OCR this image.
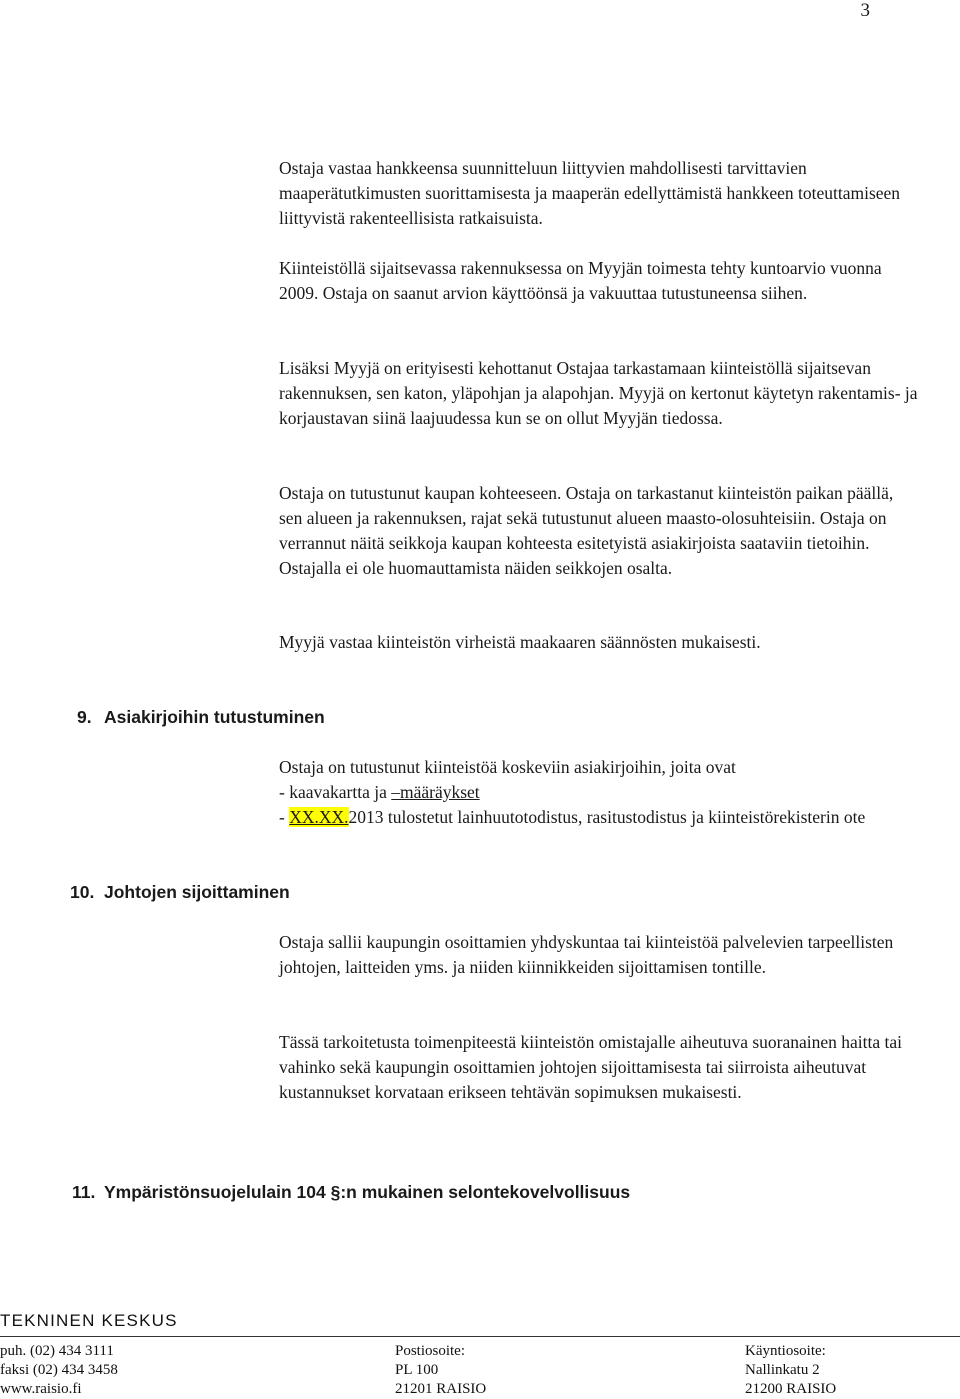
3

Ostaja vastaa hankkeensa suunnitteluun liittyvien mahdollisesti tarvittavien maaperätutkimusten suorittamisesta ja maaperän edellyttämistä hankkeen toteuttamiseen liittyvistä rakenteellisista ratkaisuista.

Kiinteistöllä sijaitsevassa rakennuksessa on Myyjän toimesta tehty kuntoarvio vuonna 2009. Ostaja on saanut arvion käyttöönsä ja vakuuttaa tutustuneensa siihen.

Lisäksi Myyjä on erityisesti kehottanut Ostajaa tarkastamaan kiinteistöllä sijaitsevan rakennuksen, sen katon, yläpohjan ja alapohjan. Myyjä on kertonut käytetyn rakentamis- ja korjaustavan siinä laajuudessa kun se on ollut Myyjän tiedossa.

Ostaja on tutustunut kaupan kohteeseen. Ostaja on tarkastanut kiinteistön paikan päällä, sen alueen ja rakennuksen, rajat sekä tutustunut alueen maasto-olosuhteisiin. Ostaja on verrannut näitä seikkoja kaupan kohteesta esitetyistä asiakirjoista saataviin tietoihin. Ostajalla ei ole huomauttamista näiden seikkojen osalta.

Myyjä vastaa kiinteistön virheistä maakaaren säännösten mukaisesti.

9. Asiakirjoihin tutustuminen
Ostaja on tutustunut kiinteistöä koskeviin asiakirjoihin, joita ovat
- kaavakartta ja –määräykset
- XX.XX.2013 tulostetut lainhuutotodistus, rasitustodistus ja kiinteistörekisterin ote
10. Johtojen sijoittaminen

Ostaja sallii kaupungin osoittamien yhdyskuntaa tai kiinteistöä palvelevien tarpeellisten johtojen, laitteiden yms. ja niiden kiinnikkeiden sijoittamisen tontille.

Tässä tarkoitetusta toimenpiteestä kiinteistön omistajalle aiheutuva suoranainen haitta tai vahinko sekä kaupungin osoittamien johtojen sijoittamisesta tai siirroista aiheutuvat kustannukset korvataan erikseen tehtävän sopimuksen mukaisesti.

11. Ympäristönsuojelulain 104 §:n mukainen selontekovelvollisuus
TEKNINEN KESKUS
puh. (02) 434 3111
faksi (02) 434 3458
www.raisio.fi
Postiosoite:
PL 100
21201 RAISIO
Käyntiosoite:
Nallinkatu 2
21200 RAISIO
